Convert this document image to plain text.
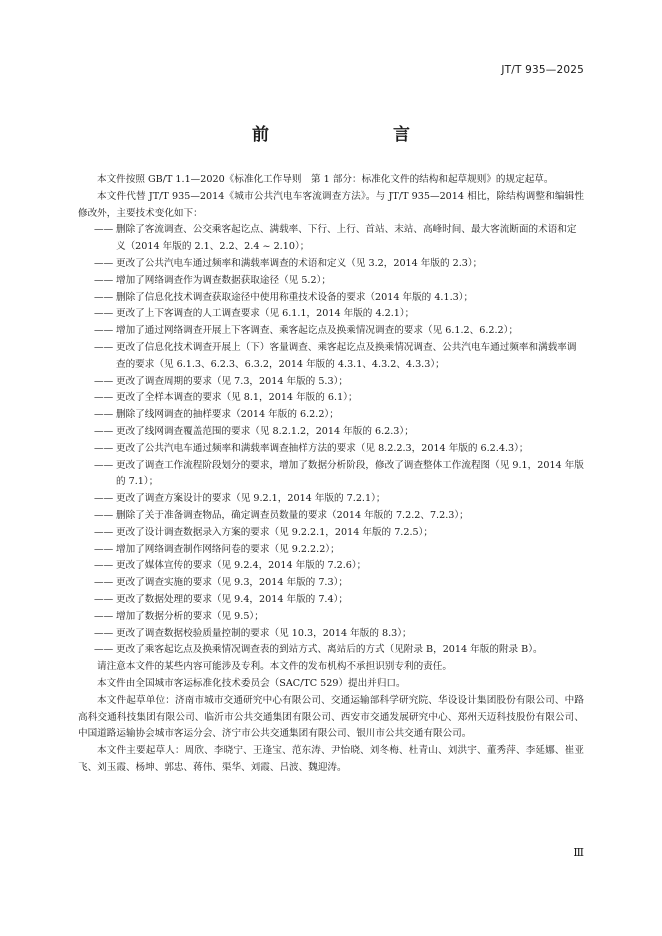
JT/T 935—2025
前　　言

本文件按照 GB/T 1.1—2020《标准化工作导则　第 1 部分：标准化文件的结构和起草规则》的规定起草。

本文件代替 JT/T 935—2014《城市公共汽电车客流调查方法》。与 JT/T 935—2014 相比，除结构调整和编辑性修改外，主要技术变化如下：

—— 删除了客流调查、公交乘客起讫点、满载率、下行、上行、首站、末站、高峰时间、最大客流断面的术语和定义（2014 年版的 2.1、2.2、2.4 ~ 2.10）；

—— 更改了公共汽电车通过频率和满载率调查的术语和定义（见 3.2，2014 年版的 2.3）；

—— 增加了网络调查作为调查数据获取途径（见 5.2）；

—— 删除了信息化技术调查获取途径中使用称重技术设备的要求（2014 年版的 4.1.3）；

—— 更改了上下客调查的人工调查要求（见 6.1.1，2014 年版的 4.2.1）；

—— 增加了通过网络调查开展上下客调查、乘客起讫点及换乘情况调查的要求（见 6.1.2、6.2.2）；

—— 更改了信息化技术调查开展上（下）客量调查、乘客起讫点及换乘情况调查、公共汽电车通过频率和满载率调查的要求（见 6.1.3、6.2.3、6.3.2，2014 年版的 4.3.1、4.3.2、4.3.3）；

—— 更改了调查周期的要求（见 7.3，2014 年版的 5.3）；

—— 更改了全样本调查的要求（见 8.1，2014 年版的 6.1）；

—— 删除了线网调查的抽样要求（2014 年版的 6.2.2）；

—— 更改了线网调查覆盖范围的要求（见 8.2.1.2，2014 年版的 6.2.3）；

—— 更改了公共汽电车通过频率和满载率调查抽样方法的要求（见 8.2.2.3，2014 年版的 6.2.4.3）；

—— 更改了调查工作流程阶段划分的要求，增加了数据分析阶段，修改了调查整体工作流程图（见 9.1，2014 年版的 7.1）；

—— 更改了调查方案设计的要求（见 9.2.1，2014 年版的 7.2.1）；

—— 删除了关于准备调查物品，确定调查员数量的要求（2014 年版的 7.2.2、7.2.3）；

—— 更改了设计调查数据录入方案的要求（见 9.2.2.1，2014 年版的 7.2.5）；

—— 增加了网络调查制作网络问卷的要求（见 9.2.2.2）；

—— 更改了媒体宣传的要求（见 9.2.4，2014 年版的 7.2.6）；

—— 更改了调查实施的要求（见 9.3，2014 年版的 7.3）；

—— 更改了数据处理的要求（见 9.4，2014 年版的 7.4）；

—— 增加了数据分析的要求（见 9.5）；

—— 更改了调查数据校验质量控制的要求（见 10.3，2014 年版的 8.3）；

—— 更改了乘客起讫点及换乘情况调查表的到站方式、离站后的方式（见附录 B，2014 年版的附录 B）。

请注意本文件的某些内容可能涉及专利。本文件的发布机构不承担识别专利的责任。

本文件由全国城市客运标准化技术委员会（SAC/TC 529）提出并归口。

本文件起草单位：济南市城市交通研究中心有限公司、交通运输部科学研究院、华设设计集团股份有限公司、中路高科交通科技集团有限公司、临沂市公共交通集团有限公司、西安市交通发展研究中心、郑州天迈科技股份有限公司、中国道路运输协会城市客运分会、济宁市公共交通集团有限公司、银川市公共交通有限公司。

本文件主要起草人：周欣、李晓宁、王逢宝、范东涛、尹怡晓、刘冬梅、杜青山、刘洪宇、董秀萍、李延娜、崔亚飞、刘玉霞、杨坤、郭忠、蒋伟、渠华、刘霞、吕波、魏迎涛。

Ⅲ
